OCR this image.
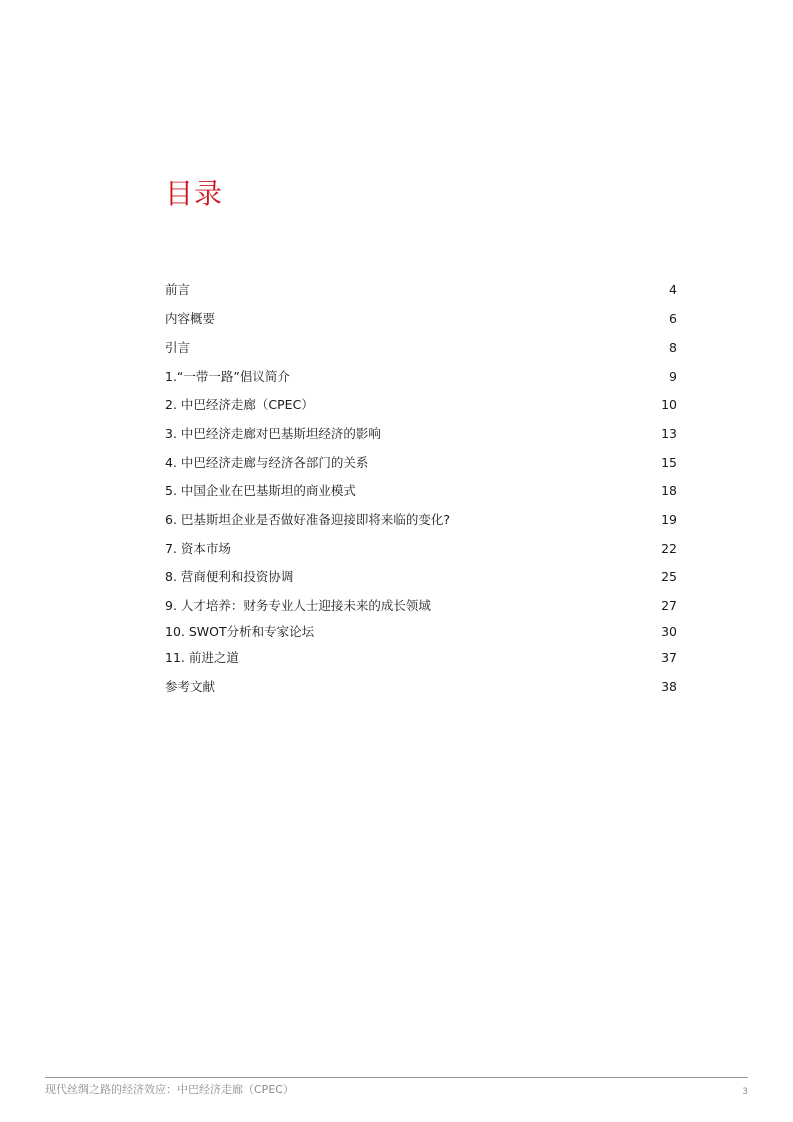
目录
前言	4
内容概要	6
引言	8
1.“一带一路”倡议简介	9
2. 中巴经济走廊（CPEC）	10
3. 中巴经济走廊对巴基斯坦经济的影响	13
4. 中巴经济走廊与经济各部门的关系	15
5. 中国企业在巴基斯坦的商业模式	18
6. 巴基斯坦企业是否做好准备迎接即将来临的变化?	19
7. 资本市场	22
8. 营商便利和投资协调	25
9. 人才培养：财务专业人士迎接未来的成长领域	27
10. SWOT分析和专家论坛	30
11. 前进之道	37
参考文献	38
现代丝绸之路的经济效应：中巴经济走廊（CPEC）	3
